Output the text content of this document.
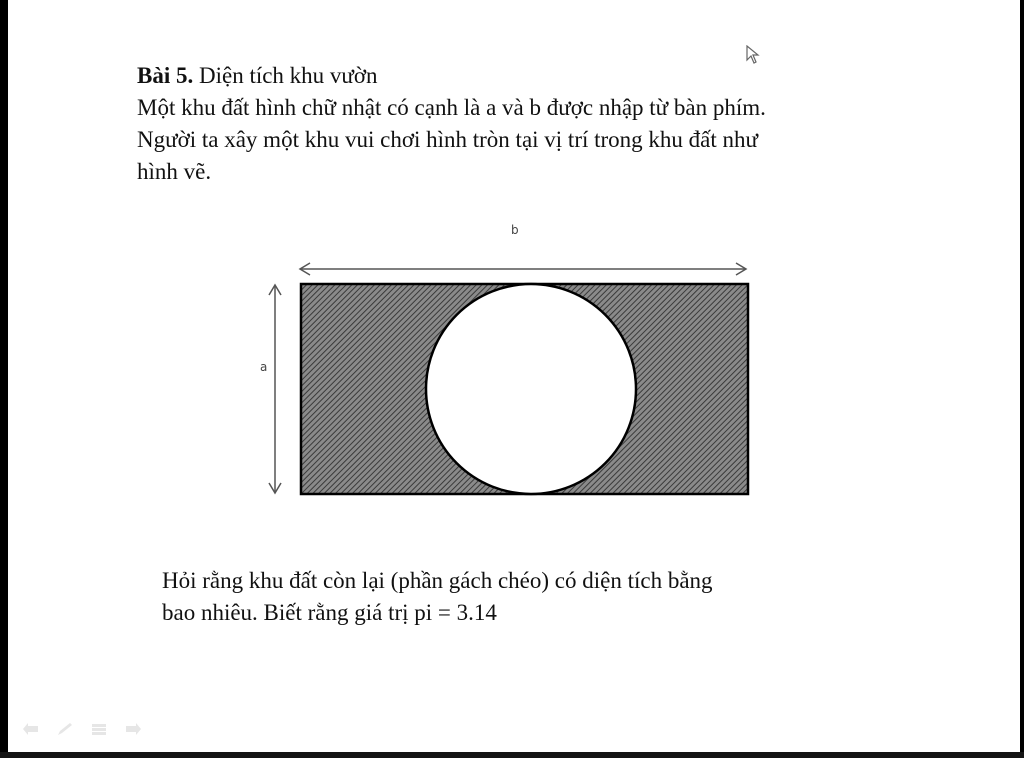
Bài 5. Diện tích khu vườn
Một khu đất hình chữ nhật có cạnh là a và b được nhập từ bàn phím.
Người ta xây một khu vui chơi hình tròn tại vị trí trong khu đất như
hình vẽ.
b
a
Hỏi rằng khu đất còn lại (phần gách chéo) có diện tích bằng
bao nhiêu. Biết rằng giá trị pi = 3.14
